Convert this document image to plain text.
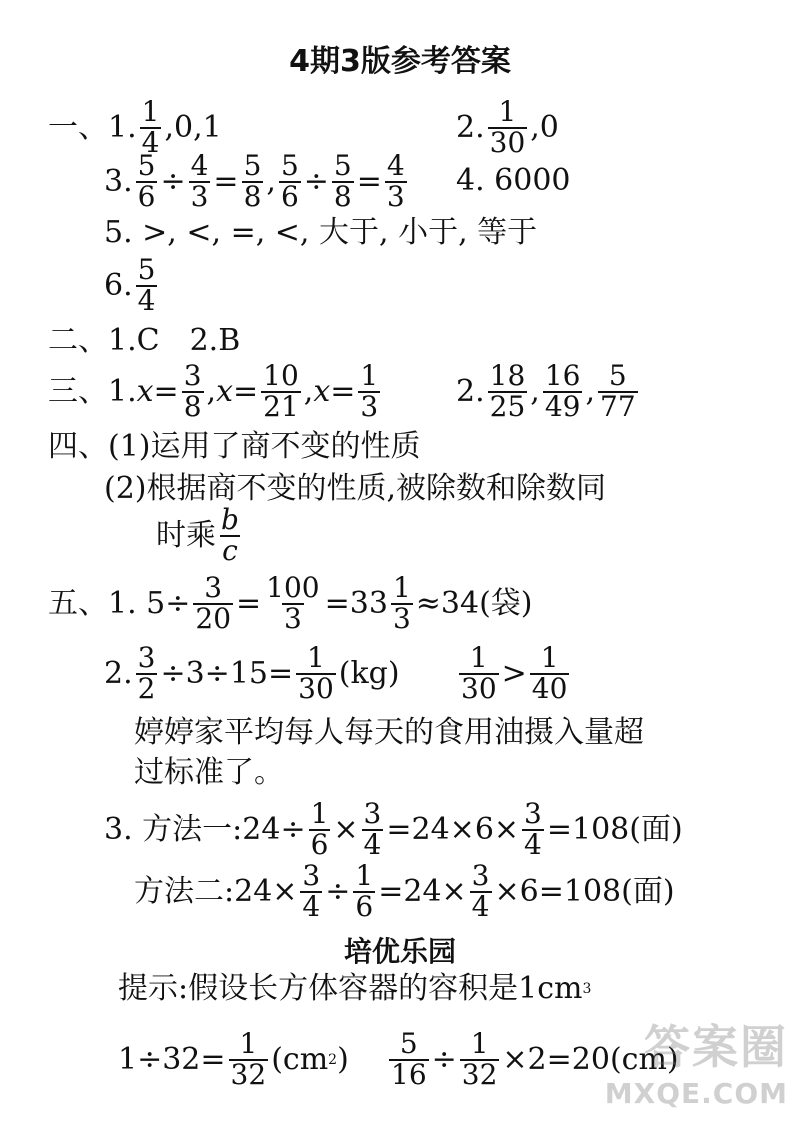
4期3版参考答案
一、1. $\frac{1}{4} ,0,1$	2. $\frac{1}{30} ,0$
3. $\frac{5}{6} \div \frac{4}{3} = \frac{5}{8}$ , $\frac{5}{6} \div \frac{5}{8} = \frac{4}{3} 4$. 6000
5. >, <, =, <, 大于, 小于, 等于
6. $\frac{5}{4}$
二、1.C　2.B
三、1. $x = \frac{3}{8}$ , $x = \frac{10}{21}$ , $x = \frac{1}{3}$	2. $\frac{18}{25}$ , $\frac{16}{49}$ , $\frac{5}{77}$
四、(1)运用了商不变的性质
(2)根据商不变的性质,被除数和除数同
时乘 $\frac{b}{c}$
五、1. $5\div \frac{3}{20} = \frac{100}{3} = 33 \frac{1}{3} \approx 34$(袋)
2. $\frac{3}{2} \div 3\div 15= \frac{1}{30} (kg) \frac{1}{30} > \frac{1}{40}$
婷婷家平均每人每天的食用油摄入量超
过标准了。
3. 方法一:24÷ $\frac{1}{6} \times \frac{3}{4} =24\times 6\times \frac{3}{4} =108$(面)
方法二:24× $\frac{3}{4} \div \frac{1}{6} =24\times \frac{3}{4} \times 6=108$(面)
培优乐园
提示:假设长方体容器的容积是1cm 3
$1\div 32= \frac{1}{32} (cm$ 2 ) $\frac{5}{16} \div \frac{1}{32} \times 2=20(cm)$
答案圈
MXQE.COM
